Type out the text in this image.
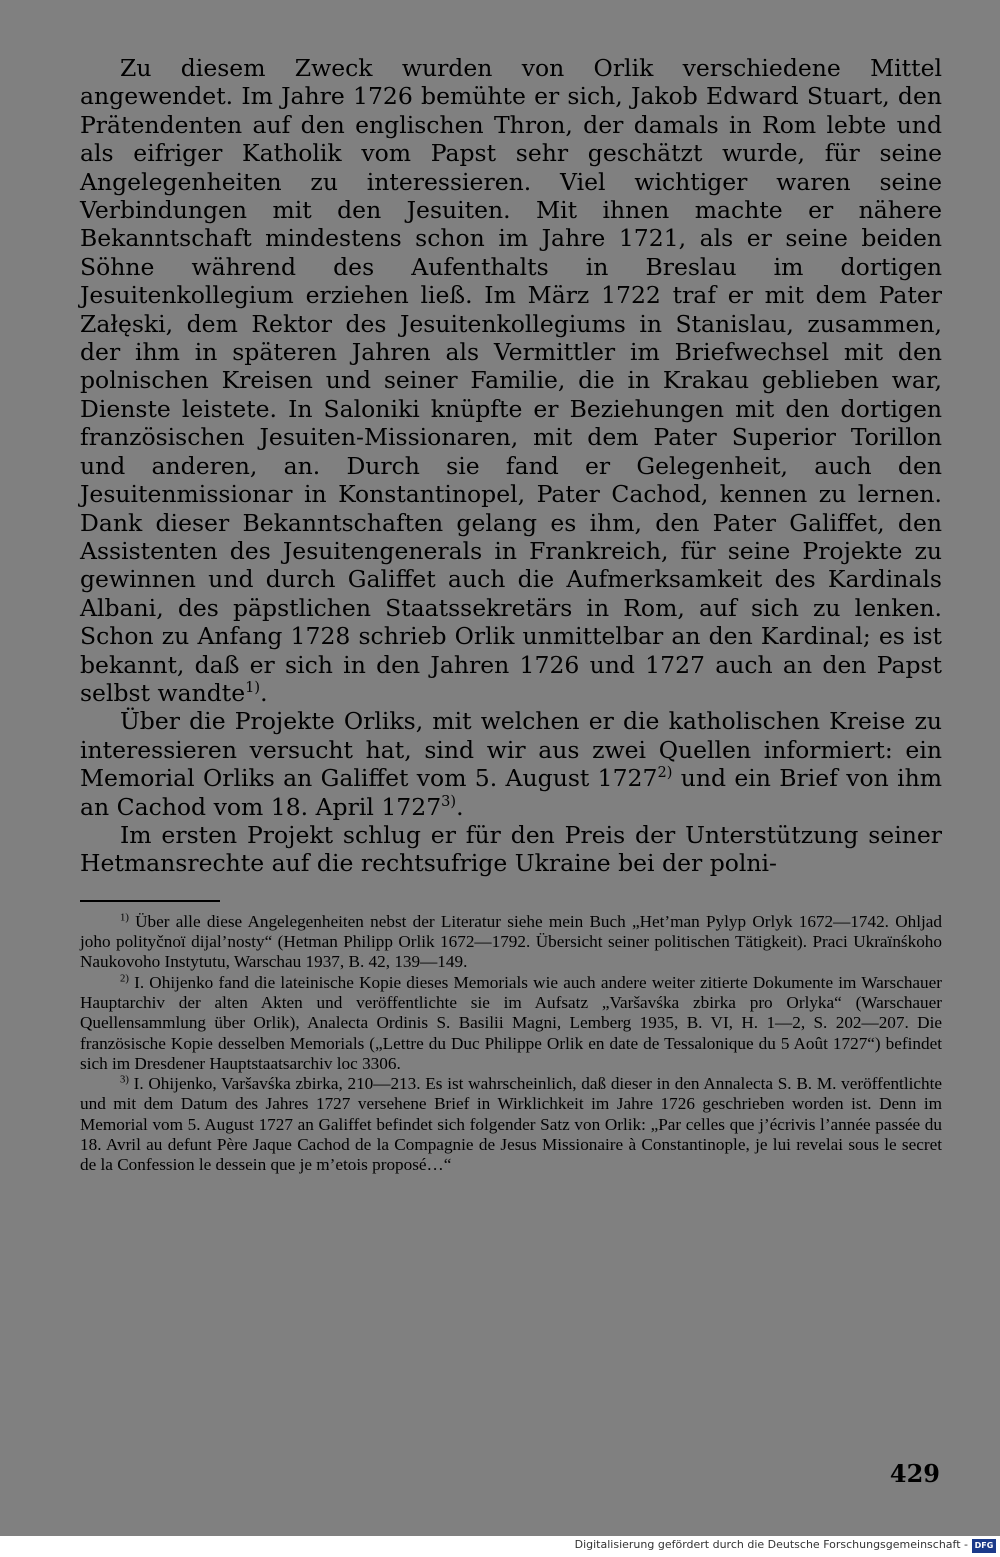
Zu diesem Zweck wurden von Orlik verschiedene Mittel angewendet. Im Jahre 1726 bemühte er sich, Jakob Edward Stuart, den Prätendenten auf den englischen Thron, der damals in Rom lebte und als eifriger Katholik vom Papst sehr geschätzt wurde, für seine Angelegenheiten zu interessieren. Viel wichtiger waren seine Verbindungen mit den Jesuiten. Mit ihnen machte er nähere Bekanntschaft mindestens schon im Jahre 1721, als er seine beiden Söhne während des Aufenthalts in Breslau im dortigen Jesuitenkollegium erziehen ließ. Im März 1722 traf er mit dem Pater Załęski, dem Rektor des Jesuitenkollegiums in Stanislau, zusammen, der ihm in späteren Jahren als Vermittler im Briefwechsel mit den polnischen Kreisen und seiner Familie, die in Krakau geblieben war, Dienste leistete. In Saloniki knüpfte er Beziehungen mit den dortigen französischen Jesuiten-Missionaren, mit dem Pater Superior Torillon und anderen, an. Durch sie fand er Gelegenheit, auch den Jesuitenmissionar in Konstantinopel, Pater Cachod, kennen zu lernen. Dank dieser Bekanntschaften gelang es ihm, den Pater Galiffet, den Assistenten des Jesuitengenerals in Frankreich, für seine Projekte zu gewinnen und durch Galiffet auch die Aufmerksamkeit des Kardinals Albani, des päpstlichen Staatssekretärs in Rom, auf sich zu lenken. Schon zu Anfang 1728 schrieb Orlik unmittelbar an den Kardinal; es ist bekannt, daß er sich in den Jahren 1726 und 1727 auch an den Papst selbst wandte$^{1)}$.

Über die Projekte Orliks, mit welchen er die katholischen Kreise zu interessieren versucht hat, sind wir aus zwei Quellen informiert: ein Memorial Orliks an Galiffet vom 5. August 1727$^{2)}$ und ein Brief von ihm an Cachod vom 18. April 1727$^{3)}$.

Im ersten Projekt schlug er für den Preis der Unterstützung seiner Hetmansrechte auf die rechtsufrige Ukraine bei der polni-

$^{1)}$ Über alle diese Angelegenheiten nebst der Literatur siehe mein Buch „Het’man Pylyp Orlyk 1672—1742. Ohljad joho polityčnoï dijal’nosty“ (Hetman Philipp Orlik 1672—1792. Übersicht seiner politischen Tätigkeit). Praci Ukraïnśkoho Naukovoho Instytutu, Warschau 1937, B. 42, 139—149.

$^{2)}$ I. Ohijenko fand die lateinische Kopie dieses Memorials wie auch andere weiter zitierte Dokumente im Warschauer Hauptarchiv der alten Akten und veröffentlichte sie im Aufsatz „Varšavśka zbirka pro Orlyka“ (Warschauer Quellensammlung über Orlik), Analecta Ordinis S. Basilii Magni, Lemberg 1935, B. VI, H. 1—2, S. 202—207. Die französische Kopie desselben Memorials („Lettre du Duc Philippe Orlik en date de Tessalonique du 5 Août 1727“) befindet sich im Dresdener Hauptstaatsarchiv loc 3306.

$^{3)}$ I. Ohijenko, Varšavśka zbirka, 210—213. Es ist wahrscheinlich, daß dieser in den Annalecta S. B. M. veröffentlichte und mit dem Datum des Jahres 1727 versehene Brief in Wirklichkeit im Jahre 1726 geschrieben worden ist. Denn im Memorial vom 5. August 1727 an Galiffet befindet sich folgender Satz von Orlik: „Par celles que j’écrivis l’année passée du 18. Avril au defunt Père Jaque Cachod de la Compagnie de Jesus Missionaire à Constantinople, je lui revelai sous le secret de la Confession le dessein que je m’etois proposé…“

429
Digitalisierung gefördert durch die Deutsche Forschungsgemeinschaft - DFG
